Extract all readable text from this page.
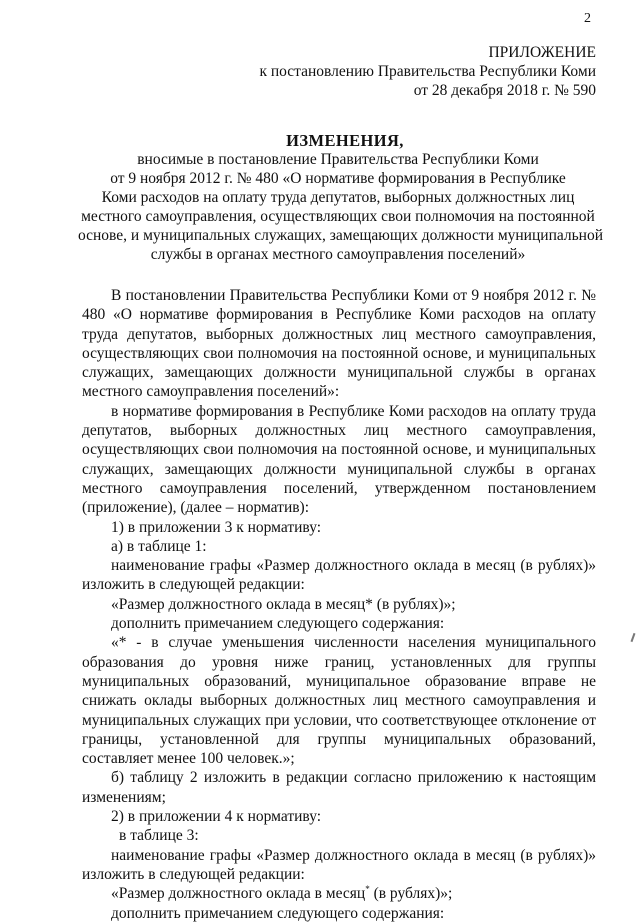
2
ПРИЛОЖЕНИЕ
к постановлению Правительства Республики Коми
от 28 декабря 2018 г. № 590
ИЗМЕНЕНИЯ,
вносимые в постановление Правительства Республики Коми
от 9 ноября 2012 г. № 480 «О нормативе формирования в Республике
Коми расходов на оплату труда депутатов, выборных должностных лиц
местного самоуправления, осуществляющих свои полномочия на постоянной
основе, и муниципальных служащих, замещающих должности муниципальной
службы в органах местного самоуправления поселений»

В постановлении Правительства Республики Коми от 9 ноября 2012 г. № 480 «О нормативе формирования в Республике Коми расходов на оплату труда депутатов, выборных должностных лиц местного самоуправления, осуществляющих свои полномочия на постоянной основе, и муниципальных служащих, замещающих должности муниципальной службы в органах местного самоуправления поселений»:

в нормативе формирования в Республике Коми расходов на оплату труда депутатов, выборных должностных лиц местного самоуправления, осуществляющих свои полномочия на постоянной основе, и муниципальных служащих, замещающих должности муниципальной службы в органах местного самоуправления поселений, утвержденном постановлением (приложение), (далее – норматив):

1) в приложении 3 к нормативу:

а) в таблице 1:

наименование графы «Размер должностного оклада в месяц (в рублях)» изложить в следующей редакции:

«Размер должностного оклада в месяц* (в рублях)»;

дополнить примечанием следующего содержания:

«* - в случае уменьшения численности населения муниципального образования до уровня ниже границ, установленных для группы муниципальных образований, муниципальное образование вправе не снижать оклады выборных должностных лиц местного самоуправления и муниципальных служащих при условии, что соответствующее отклонение от границы, установленной для группы муниципальных образований, составляет менее 100 человек.»;

б) таблицу 2 изложить в редакции согласно приложению к настоящим изменениям;

2) в приложении 4 к нормативу:

в таблице 3:

наименование графы «Размер должностного оклада в месяц (в рублях)» изложить в следующей редакции:

«Размер должностного оклада в месяц* (в рублях)»;

дополнить примечанием следующего содержания:
